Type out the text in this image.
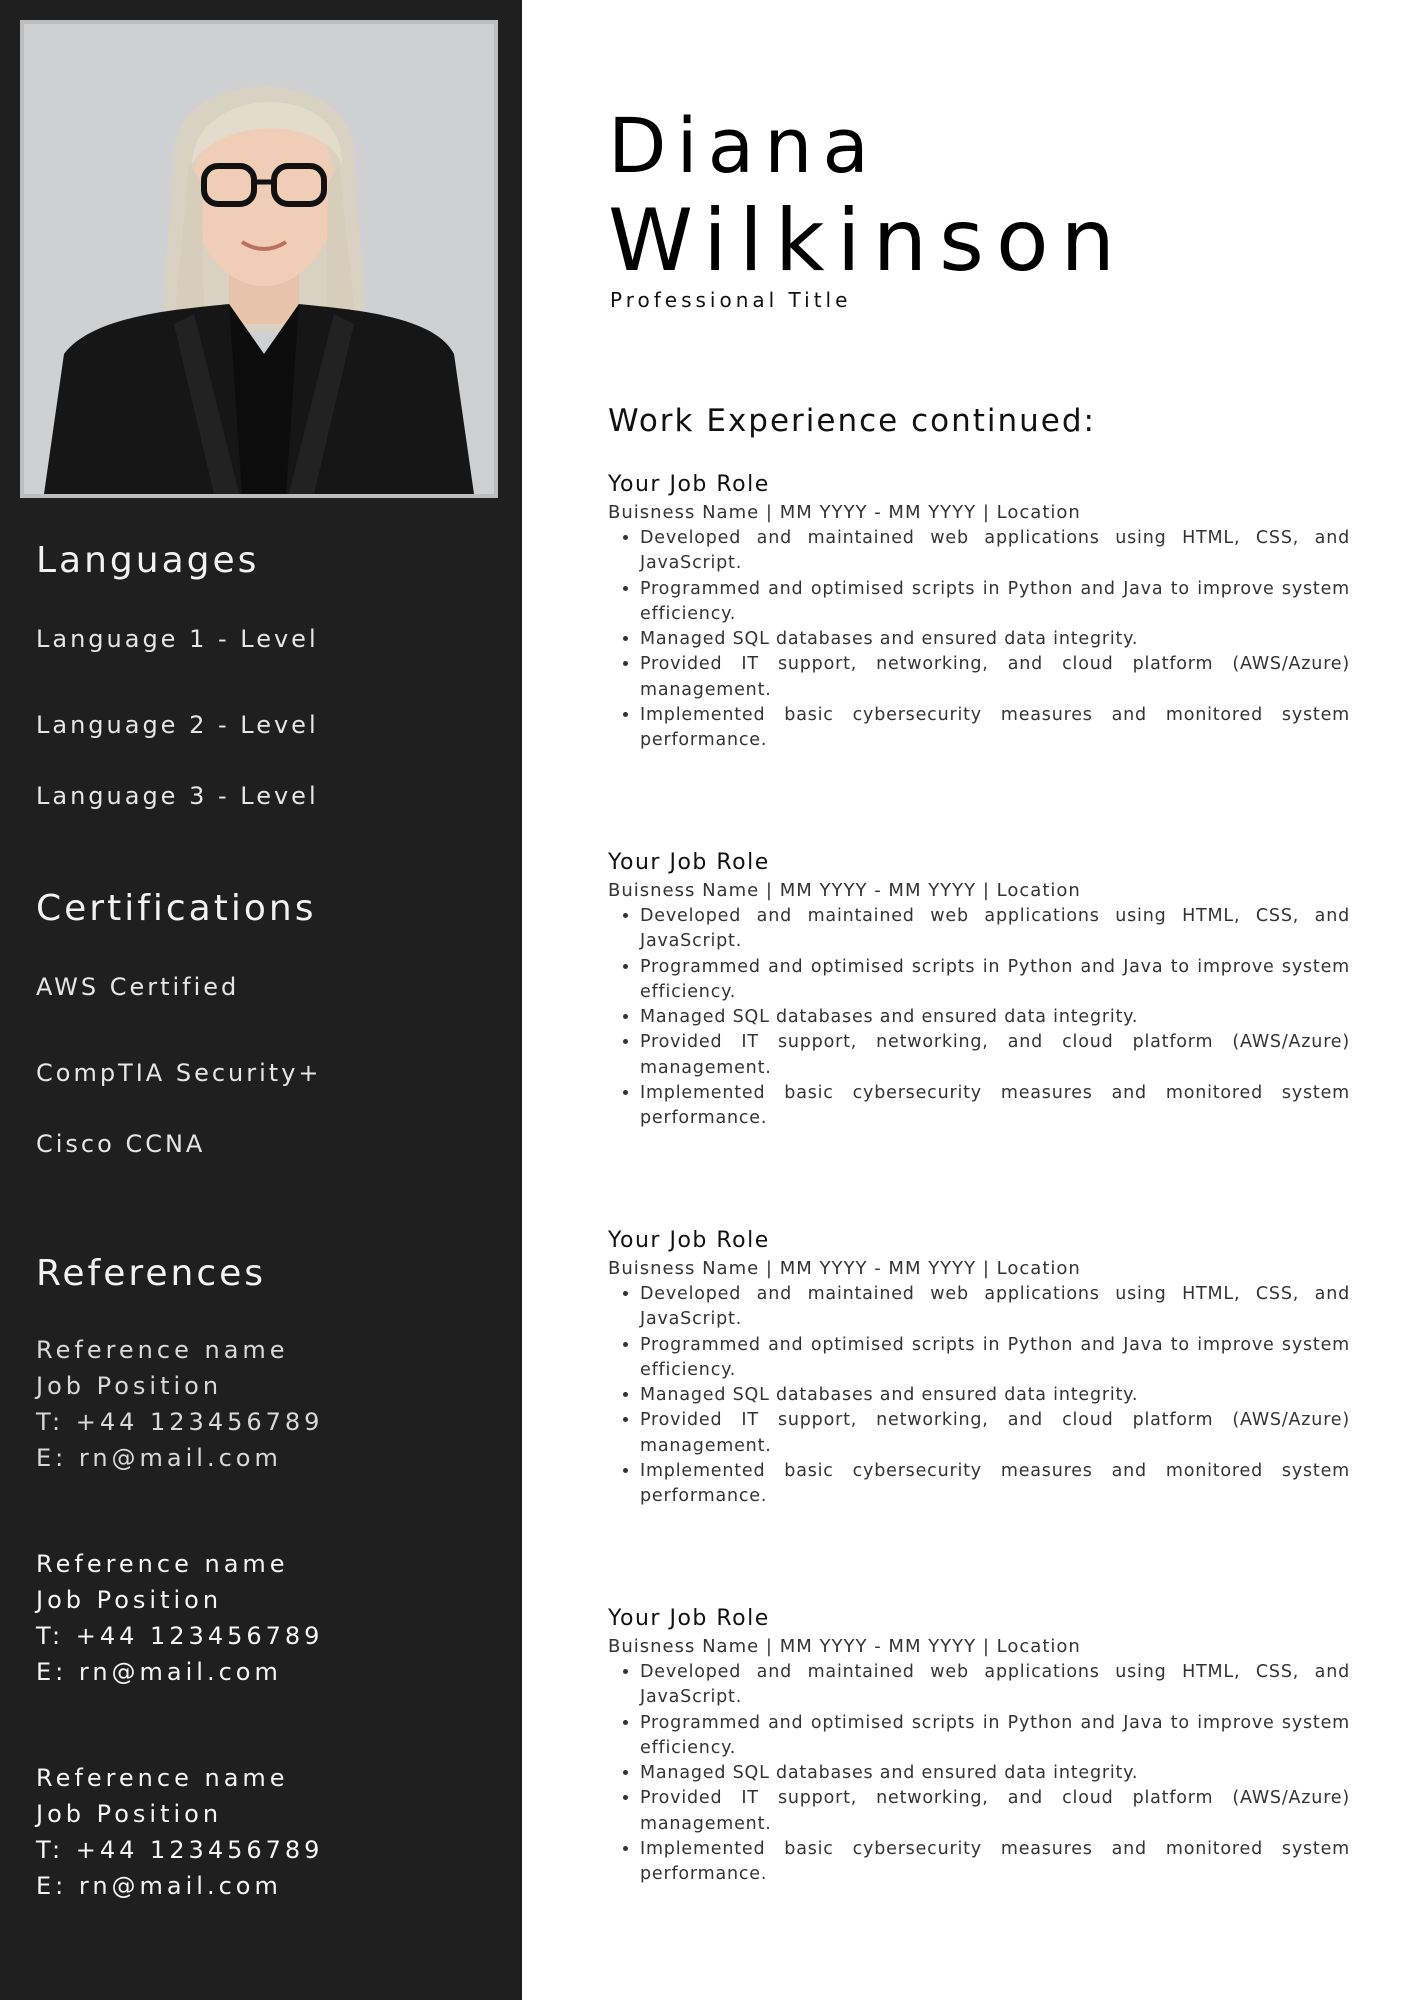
Languages
Language 1 - Level
Language 2 - Level
Language 3 - Level
Certifications
AWS Certified
CompTIA Security+
Cisco CCNA
References
Reference name
Job Position
T: +44 123456789
E: rn@mail.com
Reference name
Job Position
T: +44 123456789
E: rn@mail.com
Reference name
Job Position
T: +44 123456789
E: rn@mail.com
Diana
Wilkinson

Professional Title

Work Experience continued:
Your Job Role

Buisness Name | MM YYYY - MM YYYY | Location

• Developed and maintained web applications using HTML, CSS, and JavaScript.
• Programmed and optimised scripts in Python and Java to improve system efficiency.
• Managed SQL databases and ensured data integrity.
• Provided IT support, networking, and cloud platform (AWS/Azure) management.
• Implemented basic cybersecurity measures and monitored system performance.
Your Job Role

Buisness Name | MM YYYY - MM YYYY | Location

• Developed and maintained web applications using HTML, CSS, and JavaScript.
• Programmed and optimised scripts in Python and Java to improve system efficiency.
• Managed SQL databases and ensured data integrity.
• Provided IT support, networking, and cloud platform (AWS/Azure) management.
• Implemented basic cybersecurity measures and monitored system performance.
Your Job Role

Buisness Name | MM YYYY - MM YYYY | Location

• Developed and maintained web applications using HTML, CSS, and JavaScript.
• Programmed and optimised scripts in Python and Java to improve system efficiency.
• Managed SQL databases and ensured data integrity.
• Provided IT support, networking, and cloud platform (AWS/Azure) management.
• Implemented basic cybersecurity measures and monitored system performance.
Your Job Role

Buisness Name | MM YYYY - MM YYYY | Location

• Developed and maintained web applications using HTML, CSS, and JavaScript.
• Programmed and optimised scripts in Python and Java to improve system efficiency.
• Managed SQL databases and ensured data integrity.
• Provided IT support, networking, and cloud platform (AWS/Azure) management.
• Implemented basic cybersecurity measures and monitored system performance.
